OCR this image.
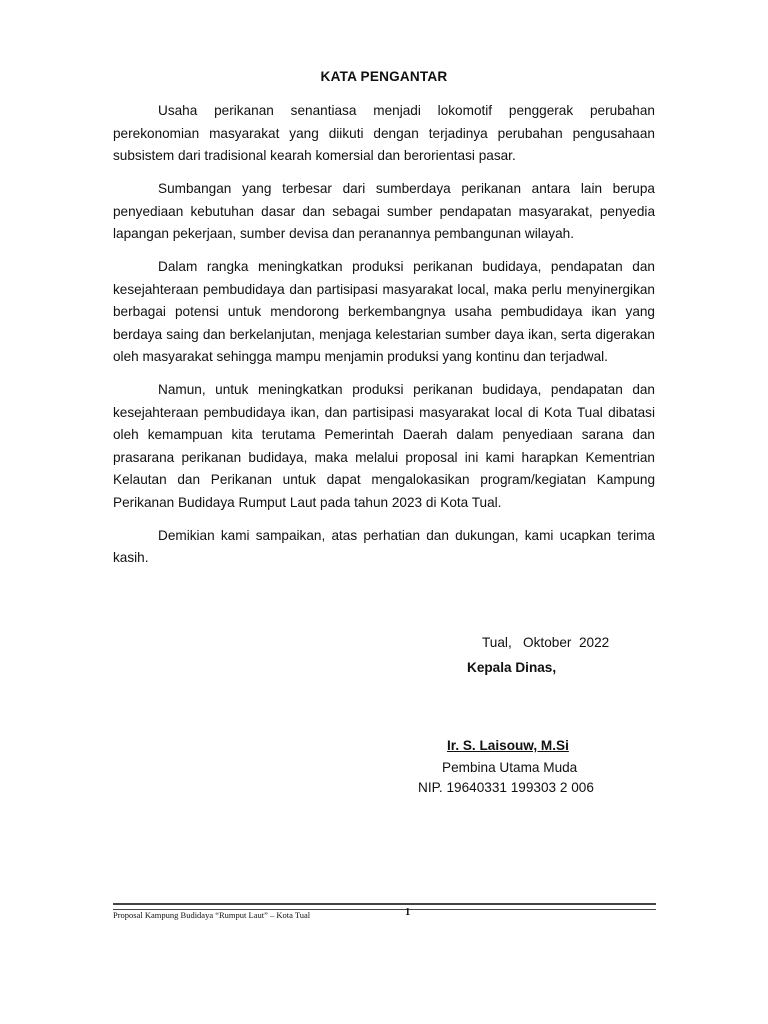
KATA PENGANTAR

Usaha perikanan senantiasa menjadi lokomotif penggerak perubahan perekonomian masyarakat yang diikuti dengan terjadinya perubahan pengusahaan subsistem dari tradisional kearah komersial dan berorientasi pasar.

Sumbangan yang terbesar dari sumberdaya perikanan antara lain berupa penyediaan kebutuhan dasar dan sebagai sumber pendapatan masyarakat, penyedia lapangan pekerjaan, sumber devisa dan peranannya pembangunan wilayah.

Dalam rangka meningkatkan produksi perikanan budidaya, pendapatan dan kesejahteraan pembudidaya dan partisipasi masyarakat local, maka perlu menyinergikan berbagai potensi untuk mendorong berkembangnya usaha pembudidaya ikan yang berdaya saing dan berkelanjutan, menjaga kelestarian sumber daya ikan, serta digerakan oleh masyarakat sehingga mampu menjamin produksi yang kontinu dan terjadwal.

Namun, untuk meningkatkan produksi perikanan budidaya, pendapatan dan kesejahteraan pembudidaya ikan, dan partisipasi masyarakat local di Kota Tual dibatasi oleh kemampuan kita terutama Pemerintah Daerah dalam penyediaan sarana dan prasarana perikanan budidaya, maka melalui proposal ini kami harapkan Kementrian Kelautan dan Perikanan untuk dapat mengalokasikan program/kegiatan Kampung Perikanan Budidaya Rumput Laut pada tahun 2023 di Kota Tual.

Demikian kami sampaikan, atas perhatian dan dukungan, kami ucapkan terima kasih.

Tual,   Oktober  2022
Kepala Dinas,
Ir. S. Laisouw, M.Si
Pembina Utama Muda
NIP. 19640331 199303 2 006
Proposal Kampung Budidaya “Rumput Laut” – Kota Tual	1
